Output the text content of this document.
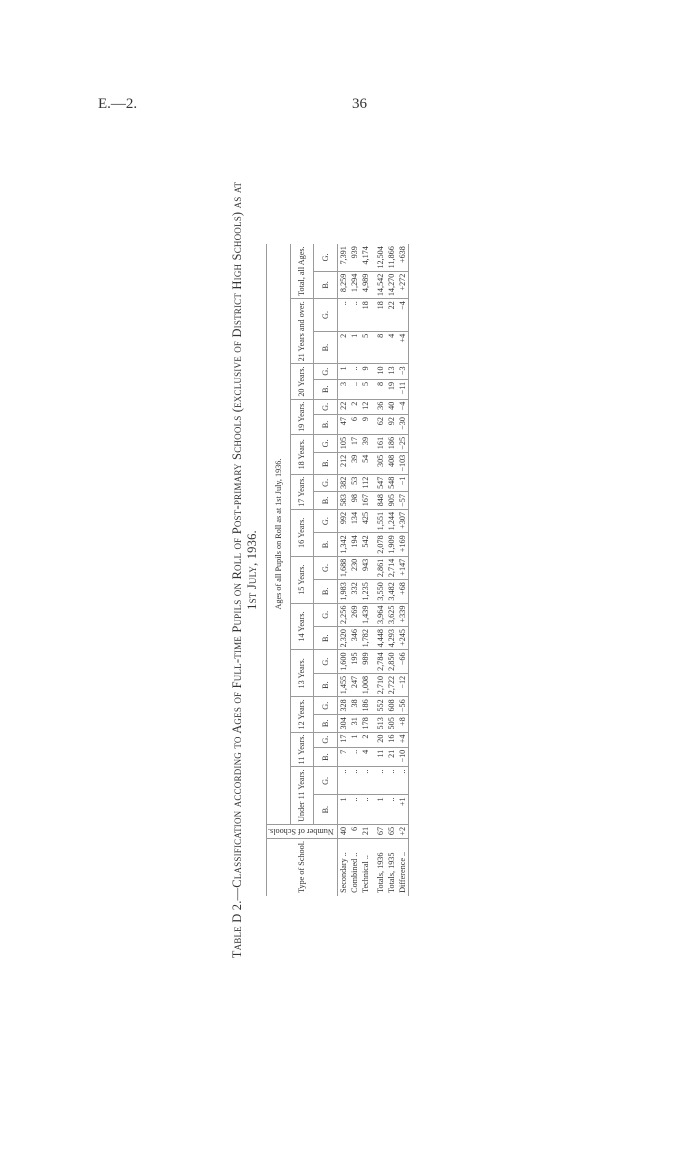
E.—2.	36
Table D 2.—Classification according to Ages of Full-time Pupils on Roll of Post-primary Schools (exclusive of District High Schools) as at 1st July, 1936.
Type of School.	Number of Schools.	Ages of all Pupils on Roll as at 1st July, 1936.																									
		Under 11 Years.		11 Years.		12 Years.		13 Years.		14 Years.		15 Years.		16 Years.		17 Years.		18 Years.		19 Years.		20 Years.		21 Years and over.		Total, all Ages.	
		B.	G.	B.	G.	B.	G.	B.	G.	B.	G.	B.	G.	B.	G.	B.	G.	B.	G.	B.	G.	B.	G.	B.	G.	B.	G.
Secondary ..	40	1	..	7	17	304	328	1,455	1,600	2,320	2,256	1,983	1,688	1,342	992	583	382	212	105	47	22	3	1	2	..	8,259	7,391
Combined ..	6	..	..	..	1	31	38	247	195	346	269	332	230	194	134	98	53	39	17	6	2	..	..	1	..	1,294	939
Technical ..	21	..	..	4	2	178	186	1,008	989	1,782	1,439	1,235	943	542	425	167	112	54	39	9	12	5	9	5	18	4,989	4,174
Totals, 1936	67	1	..	11	20	513	552	2,710	2,784	4,448	3,964	3,550	2,861	2,078	1,551	848	547	305	161	62	36	8	10	8	18	14,542	12,504
Totals, 1935	65	..	..	21	16	505	608	2,722	2,850	4,293	3,625	3,482	2,714	1,909	1,244	905	548	408	186	92	40	19	13	4	22	14,270	11,866
Difference ..	+2	+1	..	−10	+4	+8	−56	−12	−66	+245	+339	+68	+147	+169	+307	−57	−1	−103	−25	−30	−4	−11	−3	+4	−4	+272	+638
